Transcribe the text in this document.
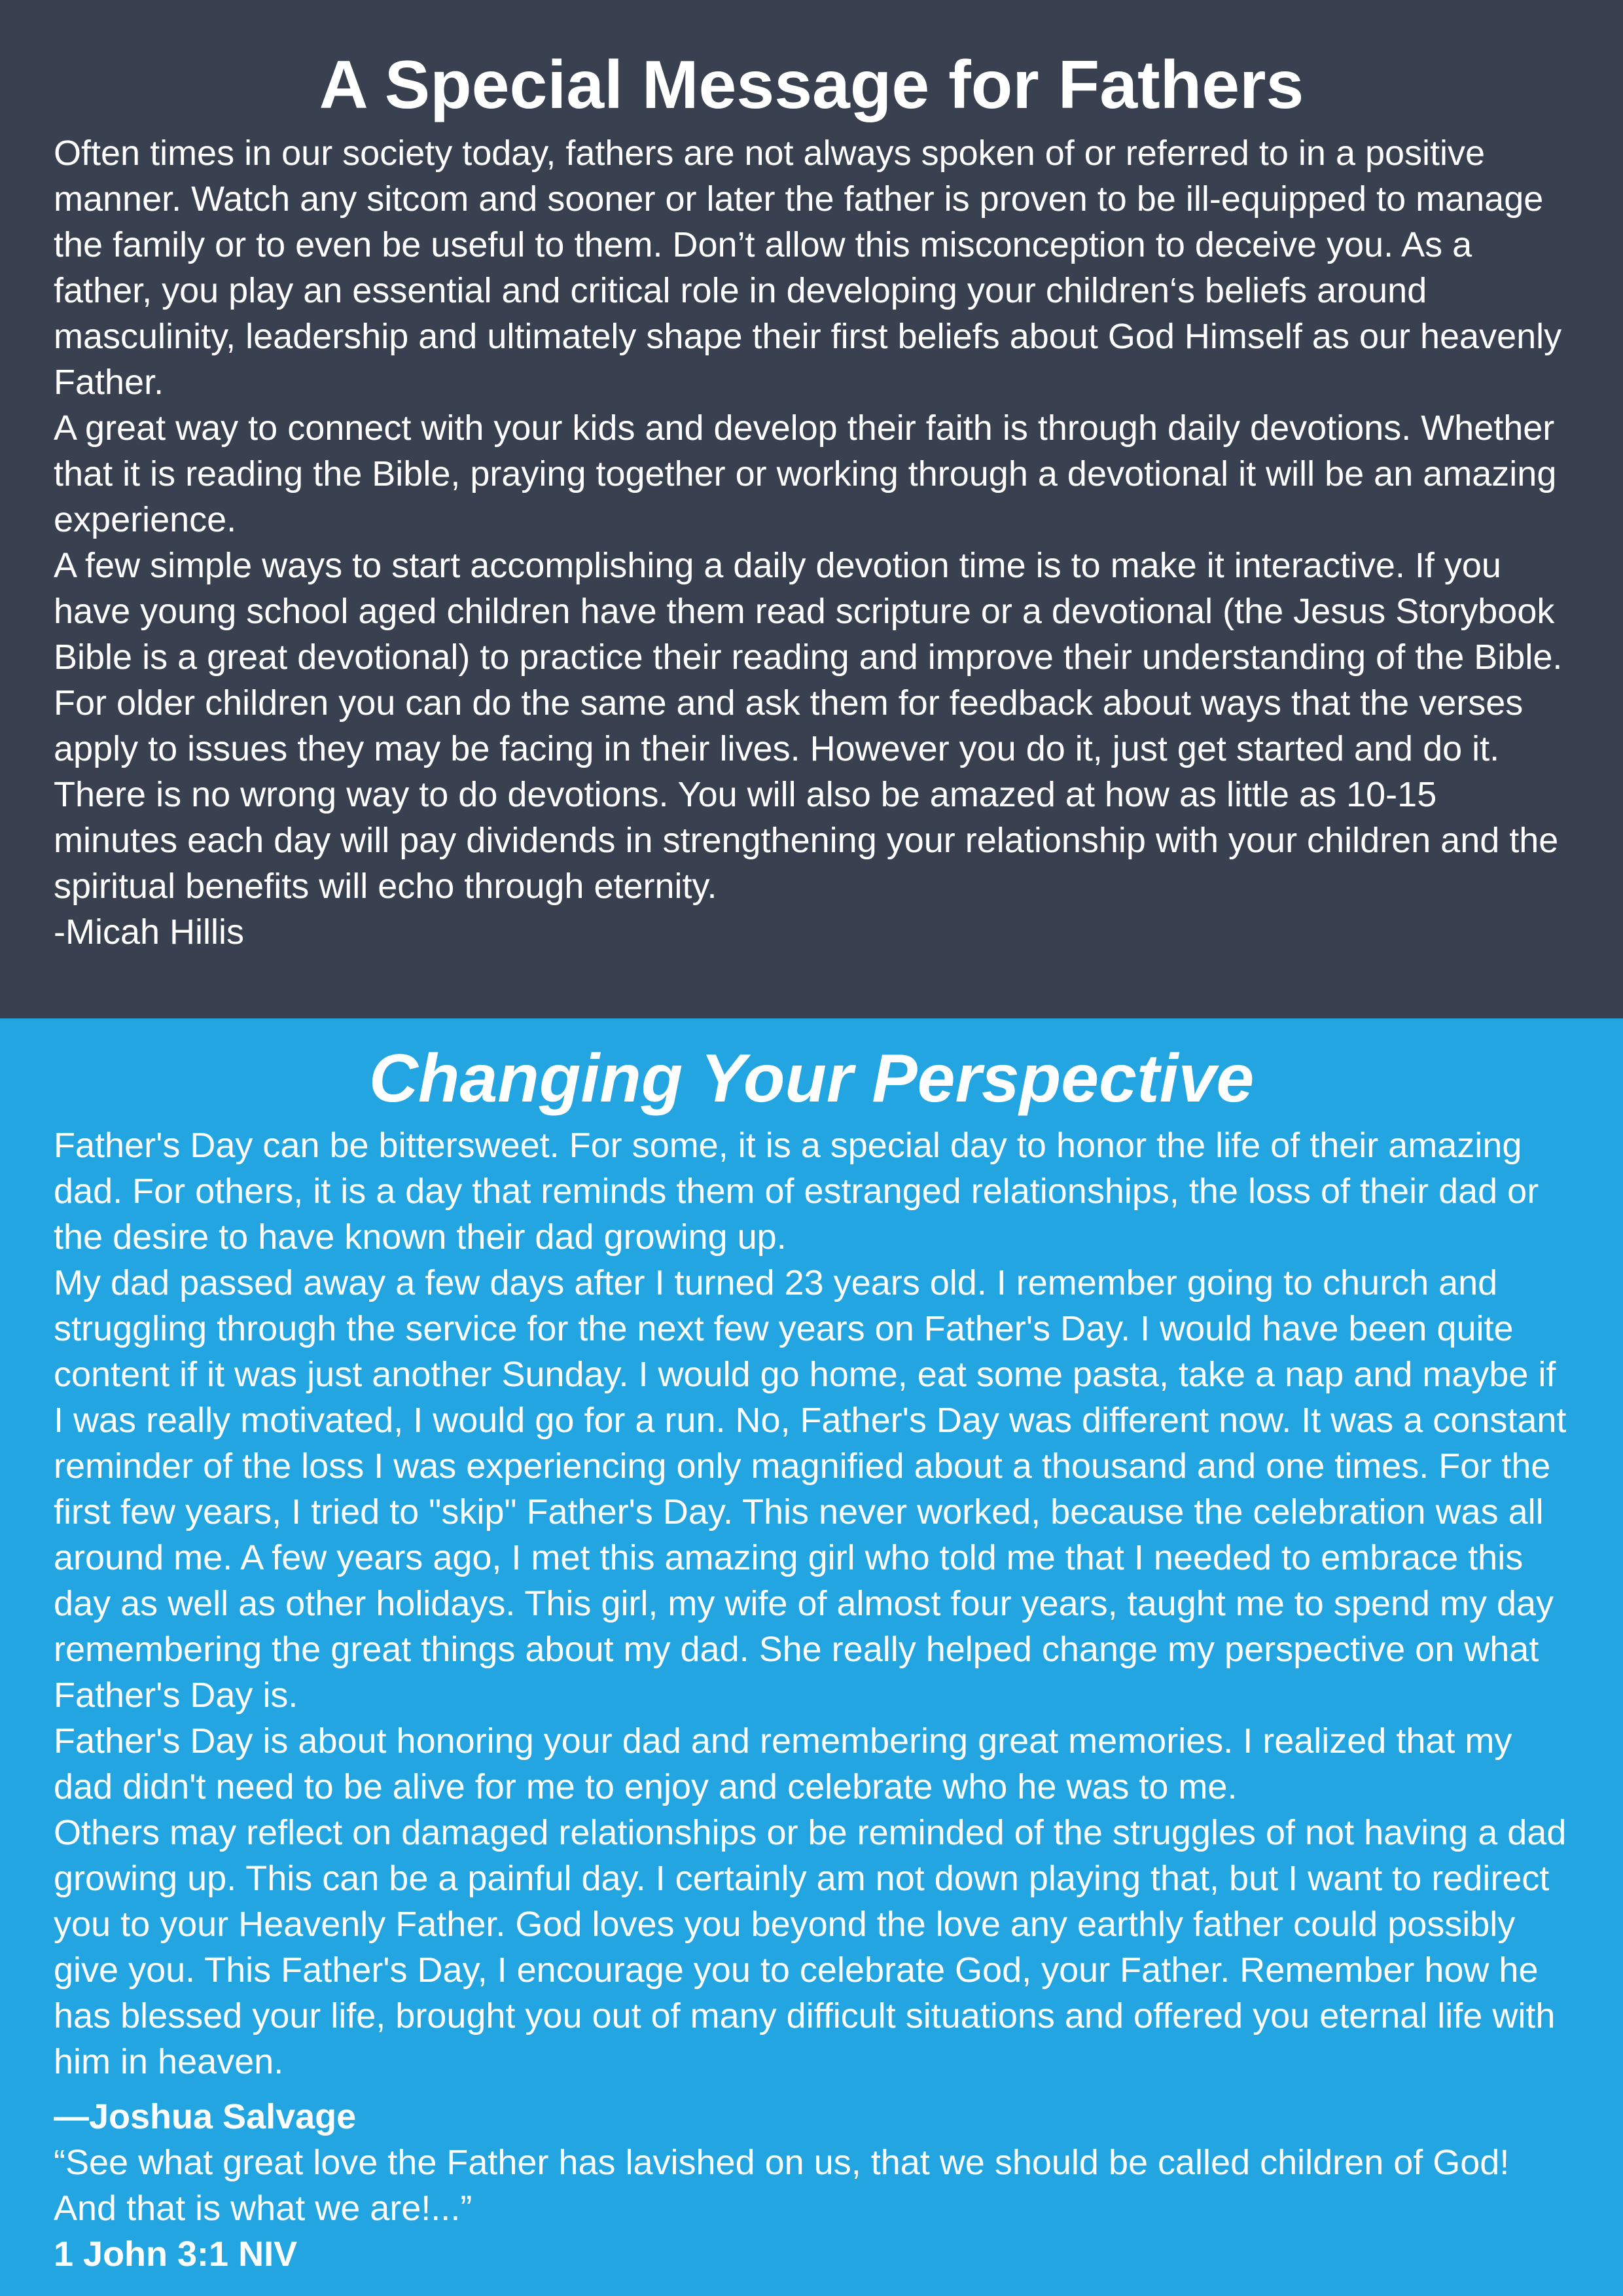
A Special Message for Fathers

Often times in our society today, fathers are not always spoken of or referred to in a positive manner. Watch any sitcom and sooner or later the father is proven to be ill-equipped to manage the family or to even be useful to them. Don’t allow this misconception to deceive you. As a father, you play an essential and critical role in developing your children‘s beliefs around masculinity, leadership and ultimately shape their first beliefs about God Himself as our heavenly Father.

A great way to connect with your kids and develop their faith is through daily devotions. Whether that it is reading the Bible, praying together or working through a devotional it will be an amazing experience.

A few simple ways to start accomplishing a daily devotion time is to make it interactive. If you have young school aged children have them read scripture or a devotional (the Jesus Storybook Bible is a great devotional) to practice their reading and improve their understanding of the Bible. For older children you can do the same and ask them for feedback about ways that the verses apply to issues they may be facing in their lives. However you do it, just get started and do it. There is no wrong way to do devotions. You will also be amazed at how as little as 10-15 minutes each day will pay dividends in strengthening your relationship with your children and the spiritual benefits will echo through eternity.

-Micah Hillis

Changing Your Perspective

Father's Day can be bittersweet. For some, it is a special day to honor the life of their amazing dad. For others, it is a day that reminds them of estranged relationships, the loss of their dad or the desire to have known their dad growing up.

My dad passed away a few days after I turned 23 years old. I remember going to church and struggling through the service for the next few years on Father's Day. I would have been quite content if it was just another Sunday. I would go home, eat some pasta, take a nap and maybe if I was really motivated, I would go for a run. No, Father's Day was different now. It was a constant reminder of the loss I was experiencing only magnified about a thousand and one times. For the first few years, I tried to "skip" Father's Day. This never worked, because the celebration was all around me. A few years ago, I met this amazing girl who told me that I needed to embrace this day as well as other holidays. This girl, my wife of almost four years, taught me to spend my day remembering the great things about my dad. She really helped change my perspective on what Father's Day is.

Father's Day is about honoring your dad and remembering great memories. I realized that my dad didn't need to be alive for me to enjoy and celebrate who he was to me.

Others may reflect on damaged relationships or be reminded of the struggles of not having a dad growing up. This can be a painful day. I certainly am not down playing that, but I want to redirect you to your Heavenly Father. God loves you beyond the love any earthly father could possibly give you. This Father's Day, I encourage you to celebrate God, your Father. Remember how he has blessed your life, brought you out of many difficult situations and offered you eternal life with him in heaven.

—Joshua Salvage

“See what great love the Father has lavished on us, that we should be called children of God! And that is what we are!...”

1 John 3:1 NIV
